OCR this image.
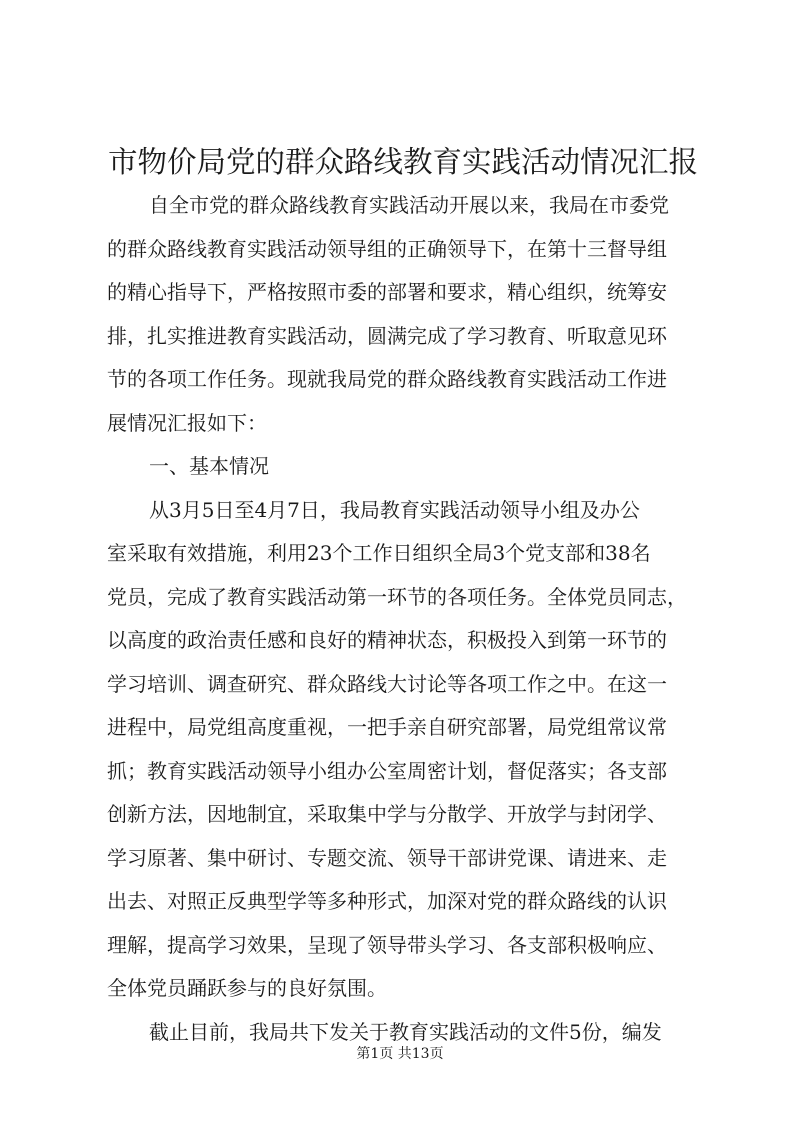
市物价局党的群众路线教育实践活动情况汇报
自全市党的群众路线教育实践活动开展以来，我局在市委党
的群众路线教育实践活动领导组的正确领导下，在第十三督导组
的精心指导下，严格按照市委的部署和要求，精心组织，统筹安
排，扎实推进教育实践活动，圆满完成了学习教育、听取意见环
节的各项工作任务。现就我局党的群众路线教育实践活动工作进
展情况汇报如下：
一、基本情况
从3月5日至4月7日，我局教育实践活动领导小组及办公
室采取有效措施，利用23个工作日组织全局3个党支部和38名
党员，完成了教育实践活动第一环节的各项任务。全体党员同志，
以高度的政治责任感和良好的精神状态，积极投入到第一环节的
学习培训、调查研究、群众路线大讨论等各项工作之中。在这一
进程中，局党组高度重视，一把手亲自研究部署，局党组常议常
抓；教育实践活动领导小组办公室周密计划，督促落实；各支部
创新方法，因地制宜，采取集中学与分散学、开放学与封闭学、
学习原著、集中研讨、专题交流、领导干部讲党课、请进来、走
出去、对照正反典型学等多种形式，加深对党的群众路线的认识
理解，提高学习效果，呈现了领导带头学习、各支部积极响应、
全体党员踊跃参与的良好氛围。
截止目前，我局共下发关于教育实践活动的文件5份，编发
第1页 共13页
